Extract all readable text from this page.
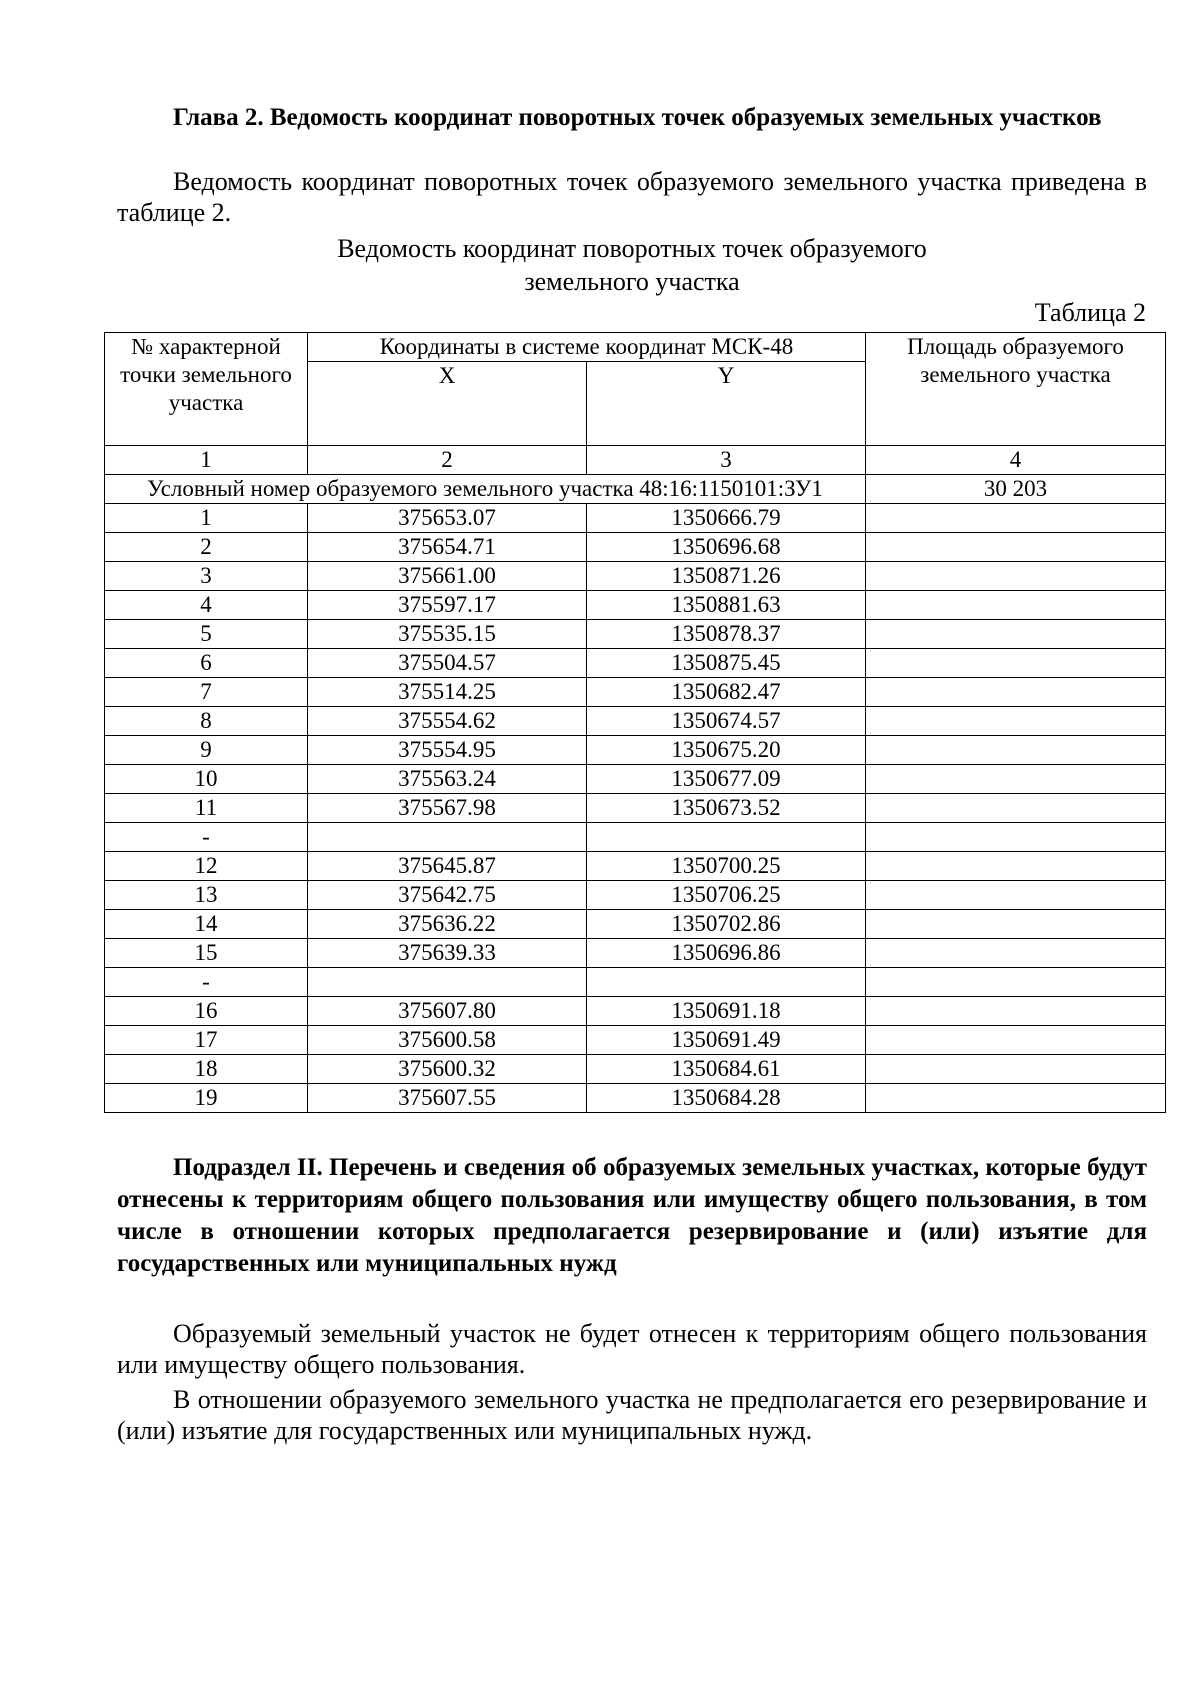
Глава 2. Ведомость координат поворотных точек образуемых земельных участков

Ведомость координат поворотных точек образуемого земельного участка приведена в таблице 2.

Ведомость координат поворотных точек образуемого
земельного участка
Таблица 2
№ характерной точки земельного участка	Координаты в системе координат МСК-48		Площадь образуемого земельного участка
	X	Y	
1	2	3	4
Условный номер образуемого земельного участка 48:16:1150101:ЗУ1			30 203
1	375653.07	1350666.79	
2	375654.71	1350696.68	
3	375661.00	1350871.26	
4	375597.17	1350881.63	
5	375535.15	1350878.37	
6	375504.57	1350875.45	
7	375514.25	1350682.47	
8	375554.62	1350674.57	
9	375554.95	1350675.20	
10	375563.24	1350677.09	
11	375567.98	1350673.52	
-			
12	375645.87	1350700.25	
13	375642.75	1350706.25	
14	375636.22	1350702.86	
15	375639.33	1350696.86	
-			
16	375607.80	1350691.18	
17	375600.58	1350691.49	
18	375600.32	1350684.61	
19	375607.55	1350684.28	

Подраздел II. Перечень и сведения об образуемых земельных участках, которые будут отнесены к территориям общего пользования или имуществу общего пользования, в том числе в отношении которых предполагается резервирование и (или) изъятие для государственных или муниципальных нужд

Образуемый земельный участок не будет отнесен к территориям общего пользования или имуществу общего пользования.

В отношении образуемого земельного участка не предполагается его резервирование и (или) изъятие для государственных или муниципальных нужд.
